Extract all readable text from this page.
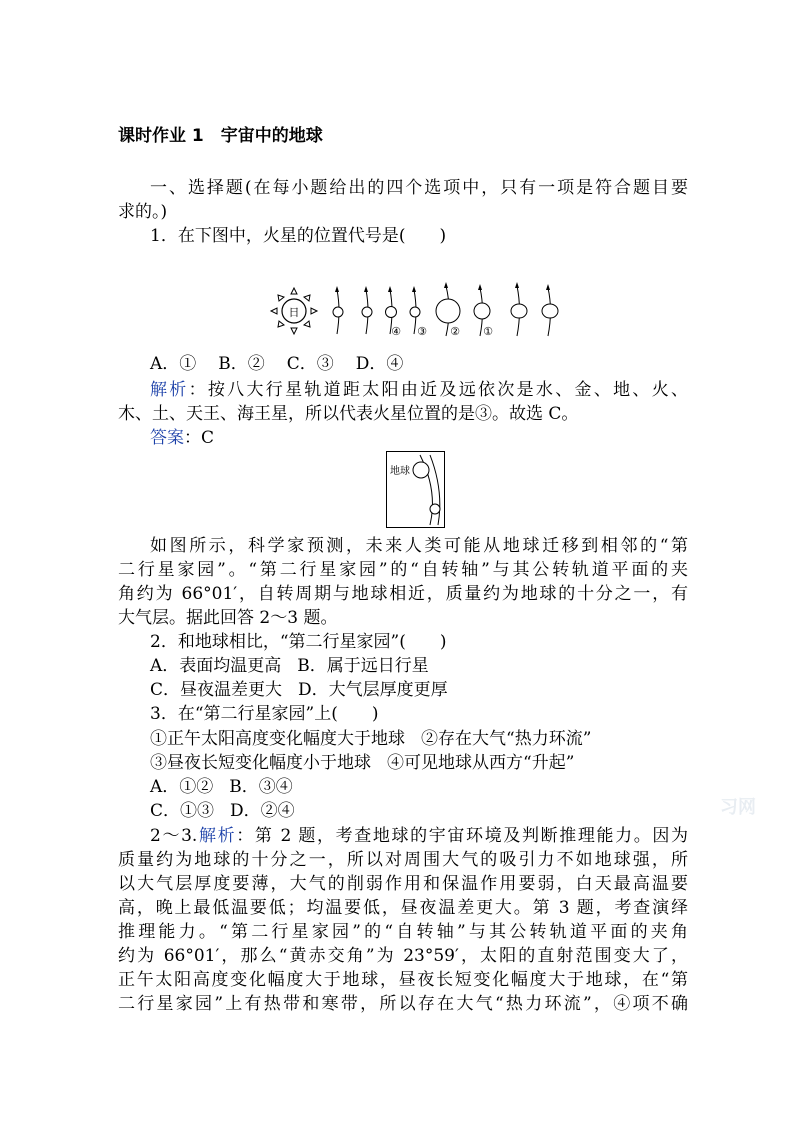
课时作业 1　宇宙中的地球
一、选择题(在每小题给出的四个选项中，只有一项是符合题目要
求的。)
1．在下图中，火星的位置代号是(　　)
日
④ ③ ② ①
A．① B．② C．③ D．④
解析：按八大行星轨道距太阳由近及远依次是水、金、地、火、
木、土、天王、海王星，所以代表火星位置的是③。故选 C。
答案：C
地球
如图所示，科学家预测，未来人类可能从地球迁移到相邻的“第
二行星家园”。“第二行星家园”的“自转轴”与其公转轨道平面的夹
角约为 66°01′，自转周期与地球相近，质量约为地球的十分之一，有
大气层。据此回答 2～3 题。
2．和地球相比，“第二行星家园”(　　)
A．表面均温更高 B．属于远日行星
C．昼夜温差更大 D．大气层厚度更厚
3．在“第二行星家园”上(　　)
①正午太阳高度变化幅度大于地球 ②存在大气“热力环流”
③昼夜长短变化幅度小于地球 ④可见地球从西方“升起”
A．①② B．③④
C．①③ D．②④
2～3.解析：第 2 题，考查地球的宇宙环境及判断推理能力。因为
质量约为地球的十分之一，所以对周围大气的吸引力不如地球强，所
以大气层厚度要薄，大气的削弱作用和保温作用要弱，白天最高温要
高，晚上最低温要低；均温要低，昼夜温差更大。第 3 题，考查演绎
推理能力。“第二行星家园”的“自转轴”与其公转轨道平面的夹角
约为 66°01′，那么“黄赤交角”为 23°59′，太阳的直射范围变大了，
正午太阳高度变化幅度大于地球，昼夜长短变化幅度大于地球，在“第
二行星家园”上有热带和寒带，所以存在大气“热力环流”，④项不确
习网
